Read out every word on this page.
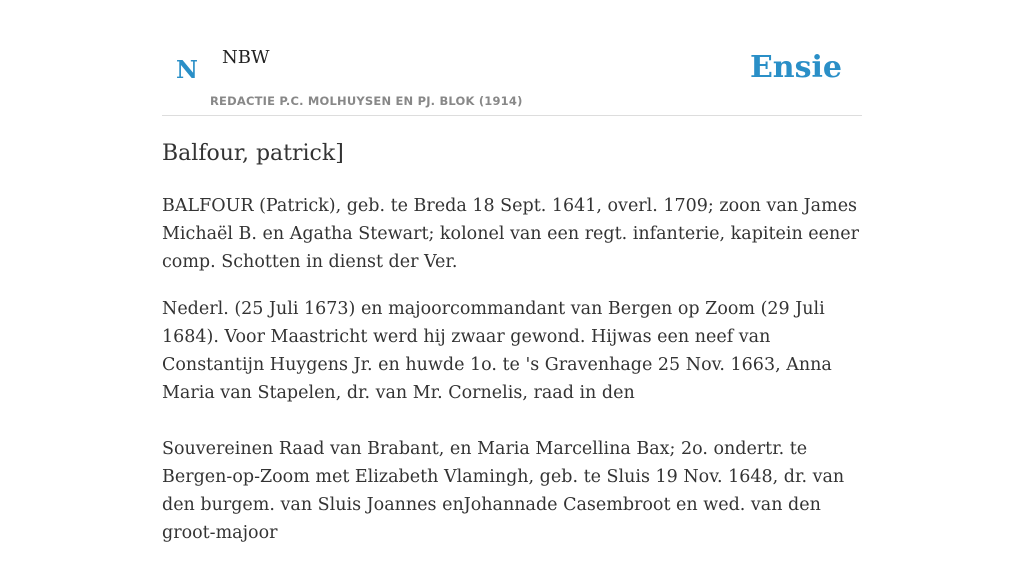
N NBW
REDACTIE P.C. MOLHUYSEN EN PJ. BLOK (1914)
Ensie
Balfour, patrick]

BALFOUR (Patrick), geb. te Breda 18 Sept. 1641, overl. 1709; zoon van James Michaël B. en Agatha Stewart; kolonel van een regt. infanterie, kapitein eener comp. Schotten in dienst der Ver.

Nederl. (25 Juli 1673) en majoorcommandant van Bergen op Zoom (29 Juli 1684). Voor Maastricht werd hij zwaar gewond. Hijwas een neef van Constantijn Huygens Jr. en huwde 1o. te 's Gravenhage 25 Nov. 1663, Anna Maria van Stapelen, dr. van Mr. Cornelis, raad in den

Souvereinen Raad van Brabant, en Maria Marcellina Bax; 2o. ondertr. te Bergen-op-Zoom met Elizabeth Vlamingh, geb. te Sluis 19 Nov. 1648, dr. van den burgem. van Sluis Joannes enJohannade Casembroot en wed. van den groot-majoor
